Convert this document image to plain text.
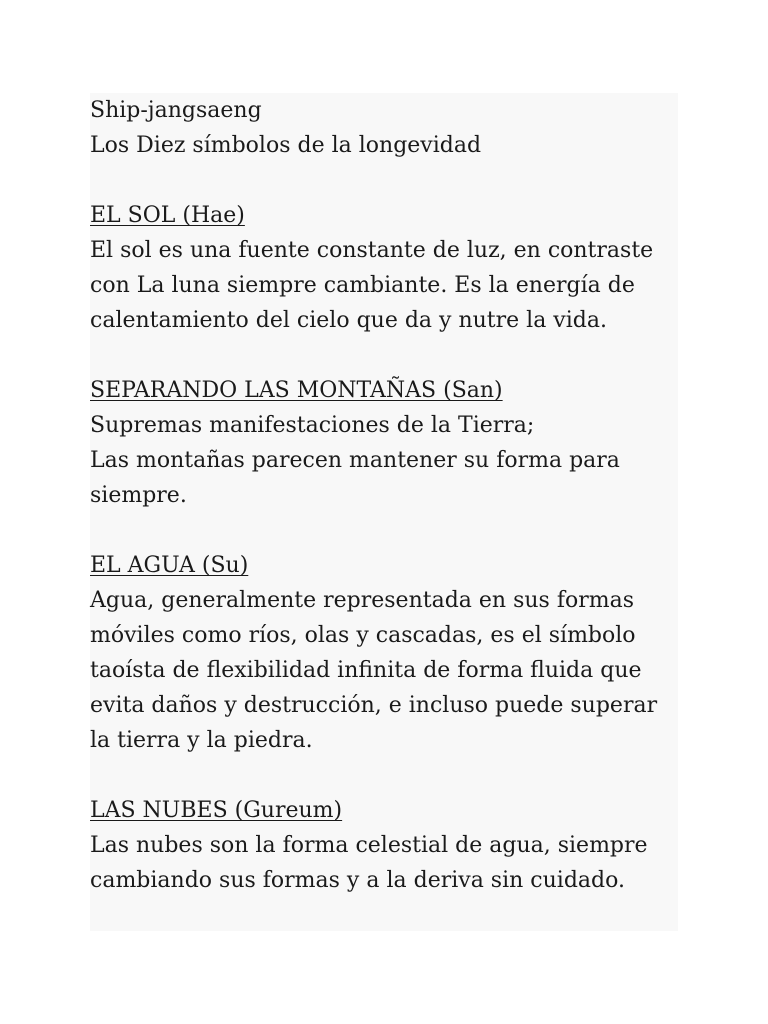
Ship-jangsaeng
Los Diez símbolos de la longevidad
EL SOL (Hae)
El sol es una fuente constante de luz, en contraste
con La luna siempre cambiante. Es la energía de
calentamiento del cielo que da y nutre la vida.
SEPARANDO LAS MONTAÑAS (San)
Supremas manifestaciones de la Tierra;
Las montañas parecen mantener su forma para
siempre.
EL AGUA (Su)
Agua, generalmente representada en sus formas
móviles como ríos, olas y cascadas, es el símbolo
taoísta de flexibilidad infinita de forma fluida que
evita daños y destrucción, e incluso puede superar
la tierra y la piedra.
LAS NUBES (Gureum)
Las nubes son la forma celestial de agua, siempre
cambiando sus formas y a la deriva sin cuidado.
